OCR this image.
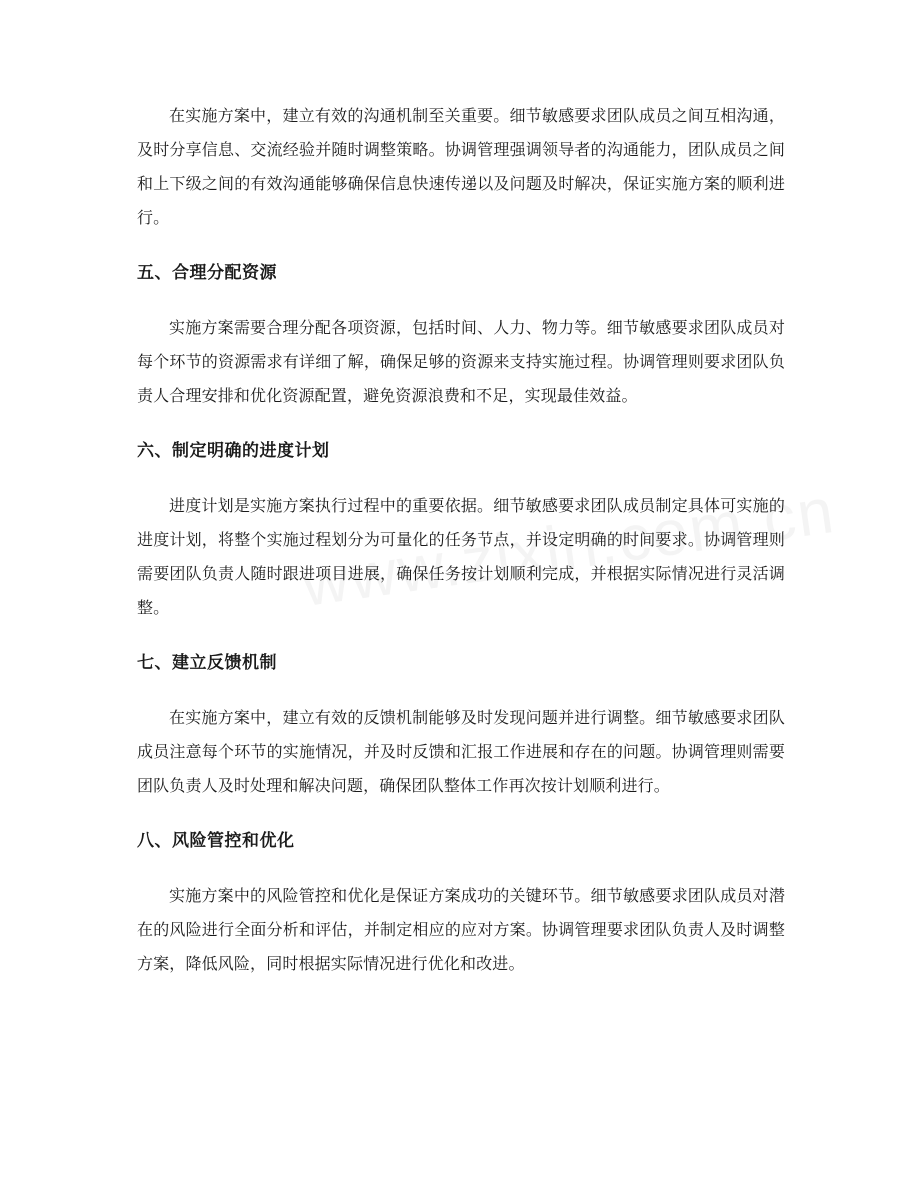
在实施方案中，建立有效的沟通机制至关重要。细节敏感要求团队成员之间互相沟通，及时分享信息、交流经验并随时调整策略。协调管理强调领导者的沟通能力，团队成员之间和上下级之间的有效沟通能够确保信息快速传递以及问题及时解决，保证实施方案的顺利进行。

五、合理分配资源

实施方案需要合理分配各项资源，包括时间、人力、物力等。细节敏感要求团队成员对每个环节的资源需求有详细了解，确保足够的资源来支持实施过程。协调管理则要求团队负责人合理安排和优化资源配置，避免资源浪费和不足，实现最佳效益。

六、制定明确的进度计划

进度计划是实施方案执行过程中的重要依据。细节敏感要求团队成员制定具体可实施的进度计划，将整个实施过程划分为可量化的任务节点，并设定明确的时间要求。协调管理则需要团队负责人随时跟进项目进展，确保任务按计划顺利完成，并根据实际情况进行灵活调整。

七、建立反馈机制

在实施方案中，建立有效的反馈机制能够及时发现问题并进行调整。细节敏感要求团队成员注意每个环节的实施情况，并及时反馈和汇报工作进展和存在的问题。协调管理则需要团队负责人及时处理和解决问题，确保团队整体工作再次按计划顺利进行。

八、风险管控和优化

实施方案中的风险管控和优化是保证方案成功的关键环节。细节敏感要求团队成员对潜在的风险进行全面分析和评估，并制定相应的应对方案。协调管理要求团队负责人及时调整方案，降低风险，同时根据实际情况进行优化和改进。
